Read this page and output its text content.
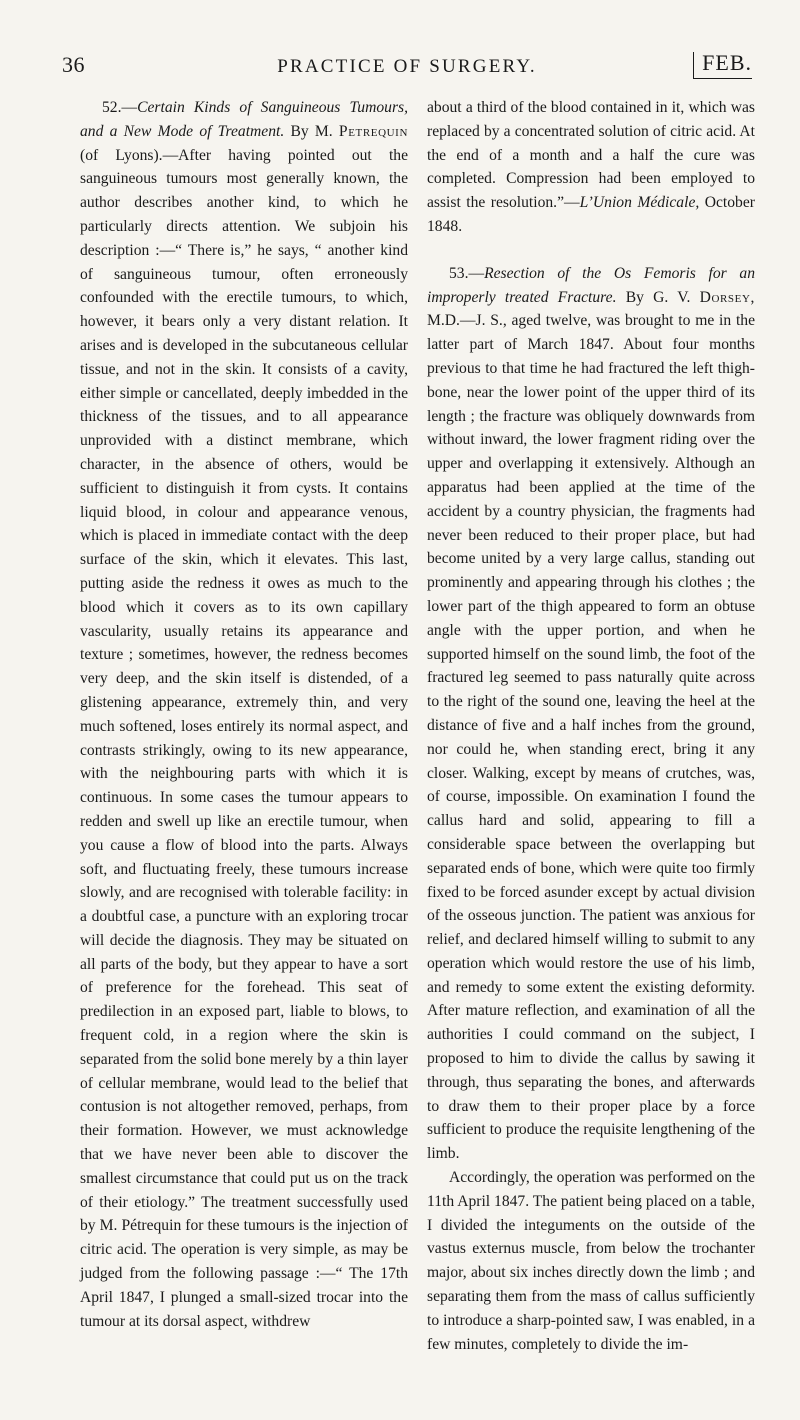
36	PRACTICE OF SURGERY.	FEB.

52.—Certain Kinds of Sanguineous Tumours, and a New Mode of Treatment. By M. Petrequin (of Lyons).—After having pointed out the sanguineous tumours most generally known, the author describes another kind, to which he particularly directs attention. We subjoin his description :—“ There is,” he says, “ another kind of sanguineous tumour, often erroneously confounded with the erectile tumours, to which, however, it bears only a very distant relation. It arises and is developed in the subcutaneous cellular tissue, and not in the skin. It consists of a cavity, either simple or cancellated, deeply imbedded in the thickness of the tissues, and to all appearance unprovided with a distinct membrane, which character, in the absence of others, would be sufficient to distinguish it from cysts. It contains liquid blood, in colour and appearance venous, which is placed in immediate contact with the deep surface of the skin, which it elevates. This last, putting aside the redness it owes as much to the blood which it covers as to its own capillary vascularity, usually retains its appearance and texture ; sometimes, however, the redness becomes very deep, and the skin itself is distended, of a glistening appearance, extremely thin, and very much softened, loses entirely its normal aspect, and contrasts strikingly, owing to its new appearance, with the neighbouring parts with which it is continuous. In some cases the tumour appears to redden and swell up like an erectile tumour, when you cause a flow of blood into the parts. Always soft, and fluctuating freely, these tumours increase slowly, and are recognised with tolerable facility: in a doubtful case, a puncture with an exploring trocar will decide the diagnosis. They may be situated on all parts of the body, but they appear to have a sort of preference for the forehead. This seat of predilection in an exposed part, liable to blows, to frequent cold, in a region where the skin is separated from the solid bone merely by a thin layer of cellular membrane, would lead to the belief that contusion is not altogether removed, perhaps, from their formation. However, we must acknowledge that we have never been able to discover the smallest circumstance that could put us on the track of their etiology.” The treatment successfully used by M. Pétrequin for these tumours is the injection of citric acid. The operation is very simple, as may be judged from the following passage :—“ The 17th April 1847, I plunged a small-sized trocar into the tumour at its dorsal aspect, withdrew

about a third of the blood contained in it, which was replaced by a concentrated solution of citric acid. At the end of a month and a half the cure was completed. Compression had been employed to assist the resolution.”—L’Union Médicale, October 1848.

53.—Resection of the Os Femoris for an improperly treated Fracture. By G. V. Dorsey, M.D.—J. S., aged twelve, was brought to me in the latter part of March 1847. About four months previous to that time he had fractured the left thigh-bone, near the lower point of the upper third of its length ; the fracture was obliquely downwards from without inward, the lower fragment riding over the upper and overlapping it extensively. Although an apparatus had been applied at the time of the accident by a country physician, the fragments had never been reduced to their proper place, but had become united by a very large callus, standing out prominently and appearing through his clothes ; the lower part of the thigh appeared to form an obtuse angle with the upper portion, and when he supported himself on the sound limb, the foot of the fractured leg seemed to pass naturally quite across to the right of the sound one, leaving the heel at the distance of five and a half inches from the ground, nor could he, when standing erect, bring it any closer. Walking, except by means of crutches, was, of course, impossible. On examination I found the callus hard and solid, appearing to fill a considerable space between the overlapping but separated ends of bone, which were quite too firmly fixed to be forced asunder except by actual division of the osseous junction. The patient was anxious for relief, and declared himself willing to submit to any operation which would restore the use of his limb, and remedy to some extent the existing deformity. After mature reflection, and examination of all the authorities I could command on the subject, I proposed to him to divide the callus by sawing it through, thus separating the bones, and afterwards to draw them to their proper place by a force sufficient to produce the requisite lengthening of the limb.

Accordingly, the operation was performed on the 11th April 1847. The patient being placed on a table, I divided the integuments on the outside of the vastus externus muscle, from below the trochanter major, about six inches directly down the limb ; and separating them from the mass of callus sufficiently to introduce a sharp-pointed saw, I was enabled, in a few minutes, completely to divide the im-
